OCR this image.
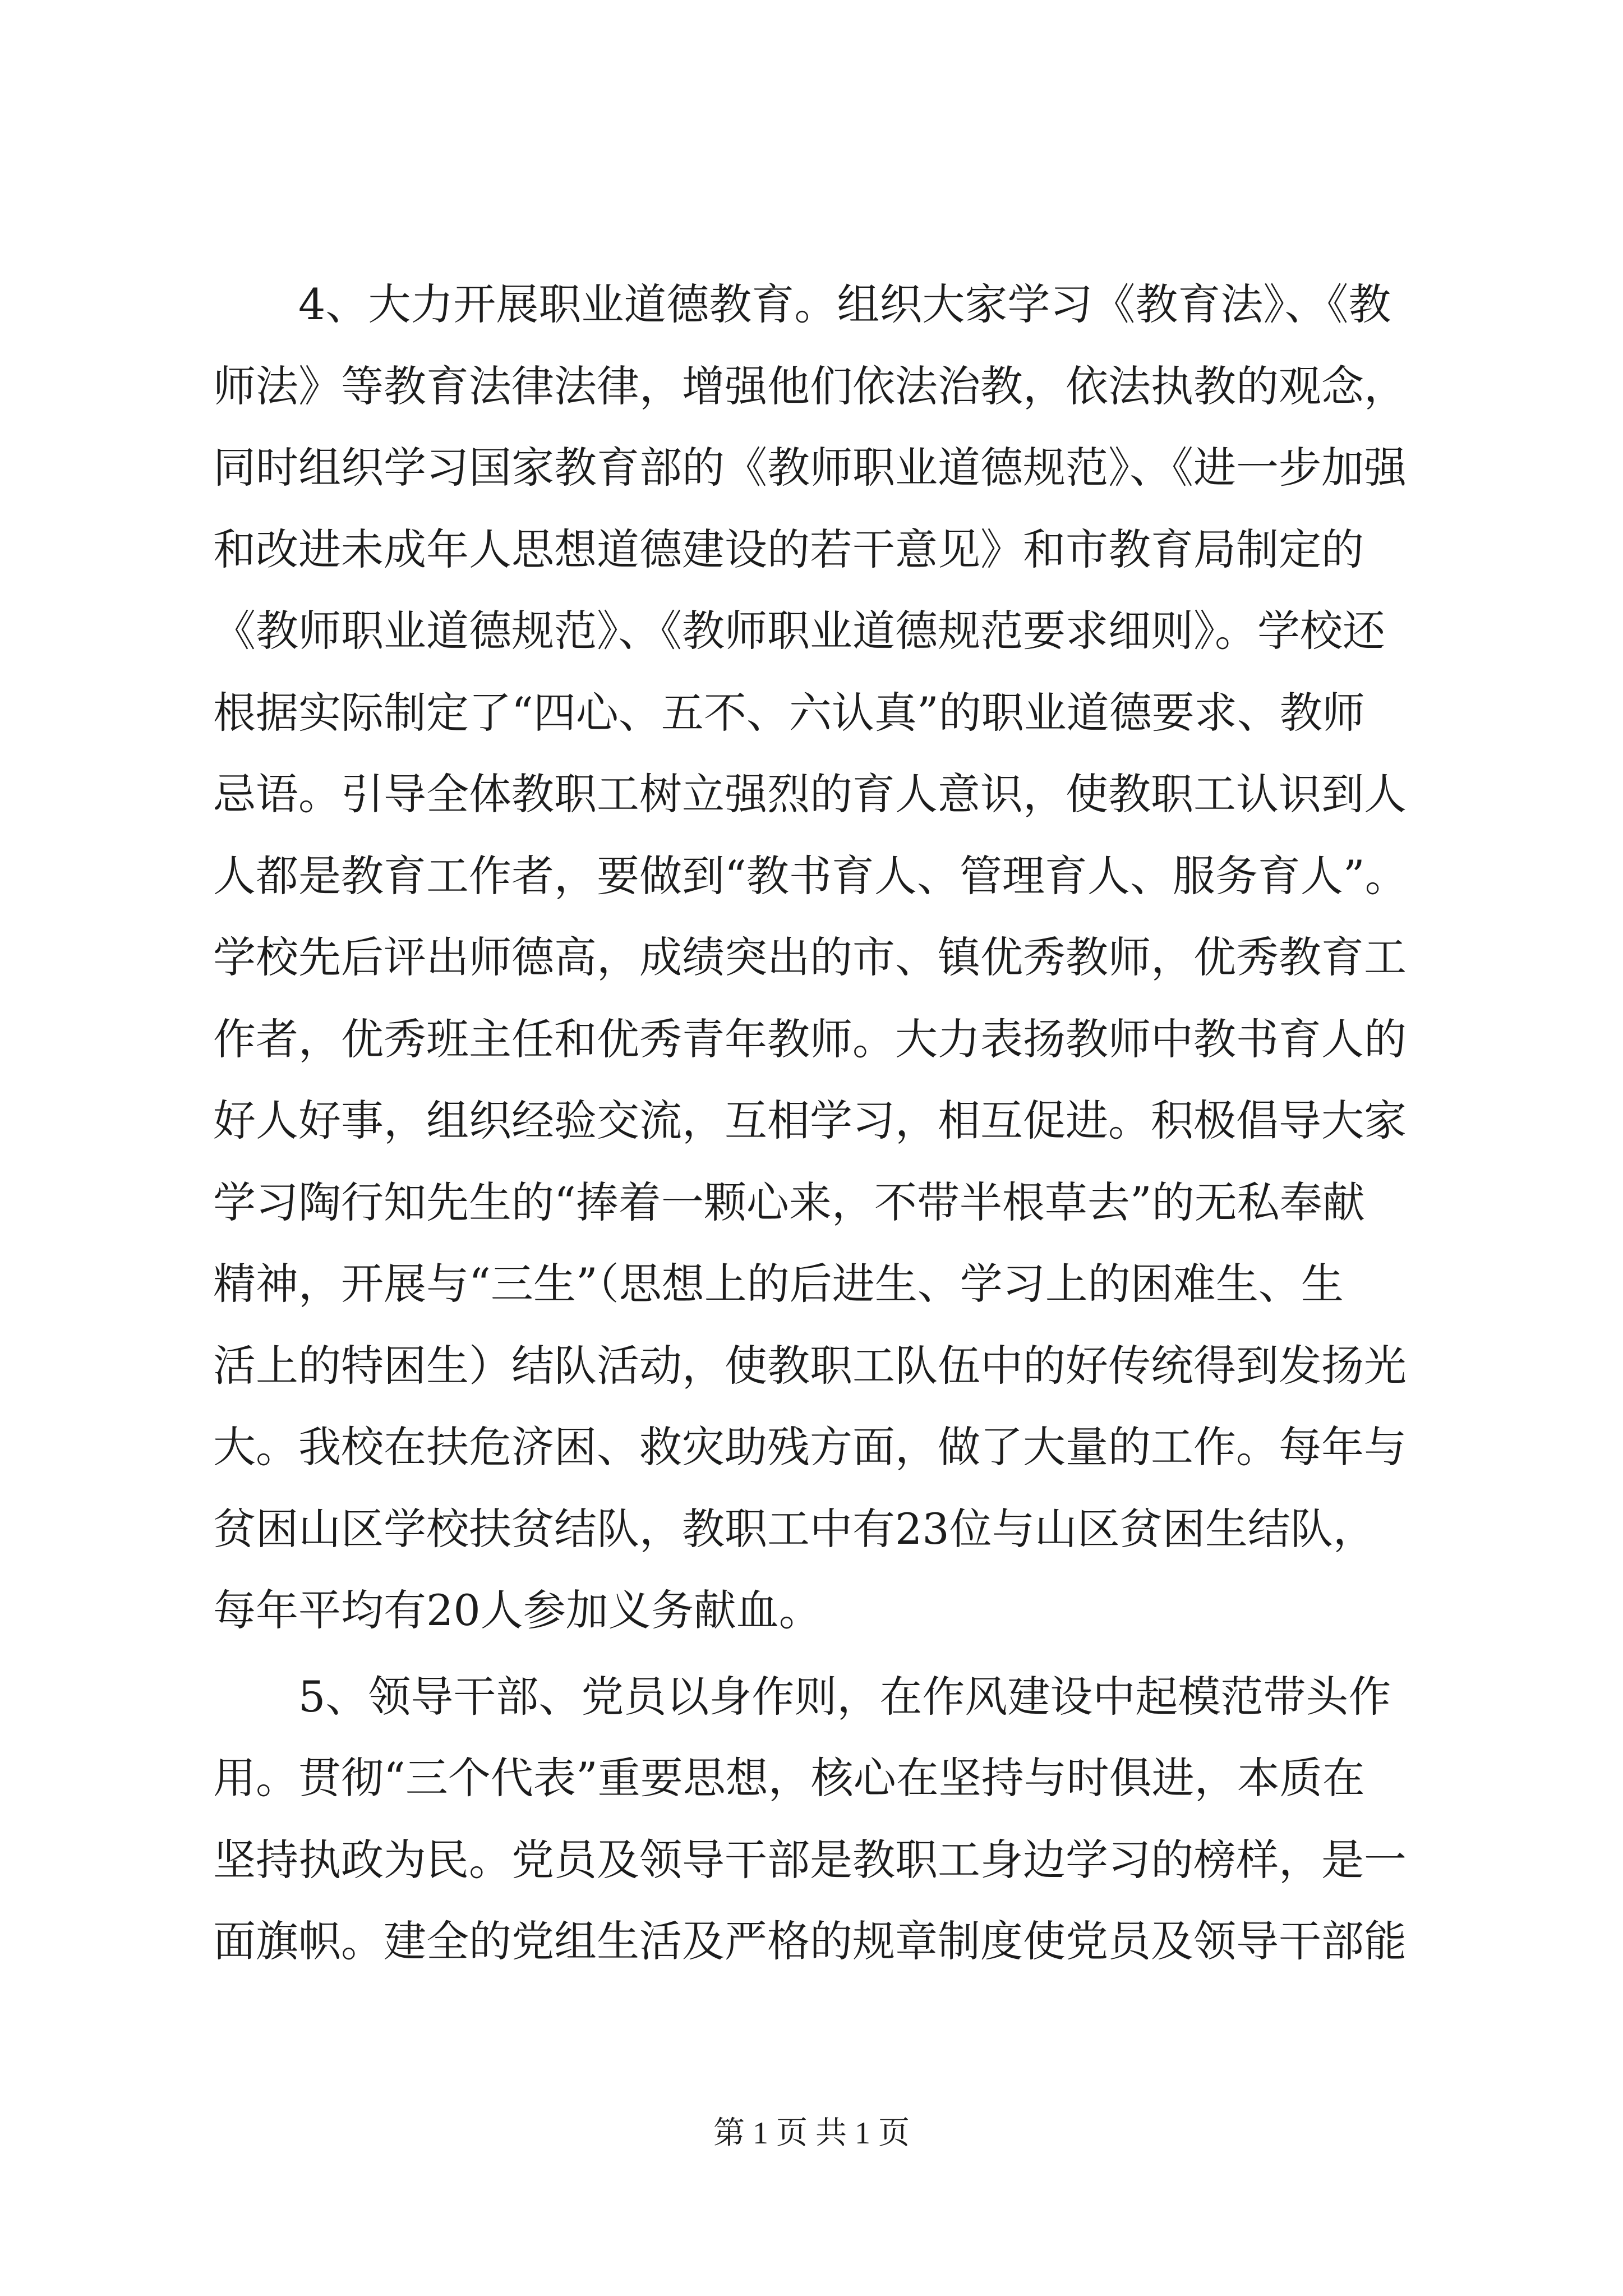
　　4、大力开展职业道德教育。组织大家学习《教育法》、《教
师法》等教育法律法律，增强他们依法治教，依法执教的观念，
同时组织学习国家教育部的《教师职业道德规范》、《进一步加强
和改进未成年人思想道德建设的若干意见》和市教育局制定的
《教师职业道德规范》、《教师职业道德规范要求细则》。学校还
根据实际制定了“四心、五不、六认真”的职业道德要求、教师
忌语。引导全体教职工树立强烈的育人意识，使教职工认识到人
人都是教育工作者，要做到“教书育人、管理育人、服务育人”。
学校先后评出师德高，成绩突出的市、镇优秀教师，优秀教育工
作者，优秀班主任和优秀青年教师。大力表扬教师中教书育人的
好人好事，组织经验交流，互相学习，相互促进。积极倡导大家
学习陶行知先生的“捧着一颗心来，不带半根草去”的无私奉献
精神，开展与“三生”（思想上的后进生、学习上的困难生、生
活上的特困生）结队活动，使教职工队伍中的好传统得到发扬光
大。我校在扶危济困、救灾助残方面，做了大量的工作。每年与
贫困山区学校扶贫结队，教职工中有23位与山区贫困生结队，
每年平均有20人参加义务献血。
　　5、领导干部、党员以身作则，在作风建设中起模范带头作
用。贯彻“三个代表”重要思想，核心在坚持与时俱进，本质在
坚持执政为民。党员及领导干部是教职工身边学习的榜样，是一
面旗帜。建全的党组生活及严格的规章制度使党员及领导干部能
第 1 页 共 1 页
